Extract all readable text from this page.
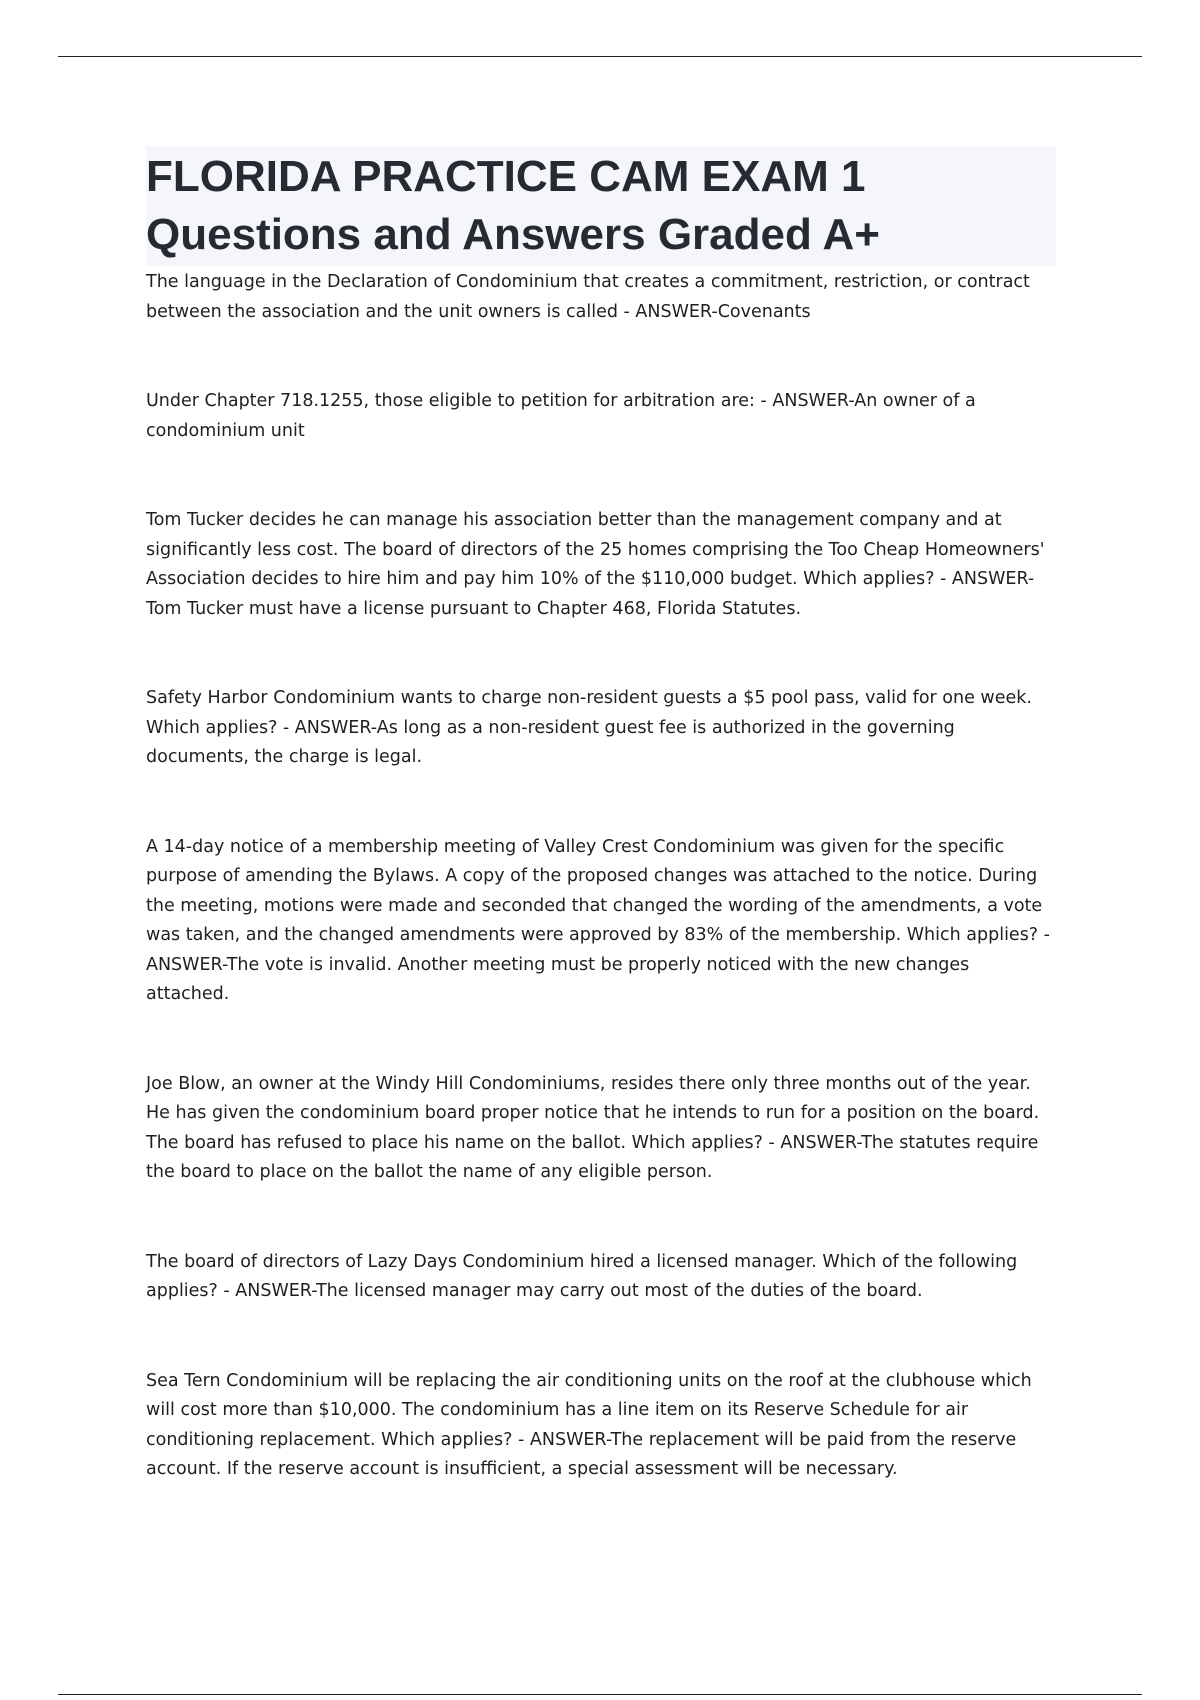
FLORIDA PRACTICE CAM EXAM 1 Questions and Answers Graded A+

The language in the Declaration of Condominium that creates a commitment, restriction, or contract between the association and the unit owners is called - ANSWER-Covenants

Under Chapter 718.1255, those eligible to petition for arbitration are: - ANSWER-An owner of a condominium unit

Tom Tucker decides he can manage his association better than the management company and at significantly less cost. The board of directors of the 25 homes comprising the Too Cheap Homeowners' Association decides to hire him and pay him 10% of the $110,000 budget. Which applies? - ANSWER-Tom Tucker must have a license pursuant to Chapter 468, Florida Statutes.

Safety Harbor Condominium wants to charge non-resident guests a $5 pool pass, valid for one week. Which applies? - ANSWER-As long as a non-resident guest fee is authorized in the governing documents, the charge is legal.

A 14-day notice of a membership meeting of Valley Crest Condominium was given for the specific purpose of amending the Bylaws. A copy of the proposed changes was attached to the notice. During the meeting, motions were made and seconded that changed the wording of the amendments, a vote was taken, and the changed amendments were approved by 83% of the membership. Which applies? - ANSWER-The vote is invalid. Another meeting must be properly noticed with the new changes attached.

Joe Blow, an owner at the Windy Hill Condominiums, resides there only three months out of the year. He has given the condominium board proper notice that he intends to run for a position on the board. The board has refused to place his name on the ballot. Which applies? - ANSWER-The statutes require the board to place on the ballot the name of any eligible person.

The board of directors of Lazy Days Condominium hired a licensed manager. Which of the following applies? - ANSWER-The licensed manager may carry out most of the duties of the board.

Sea Tern Condominium will be replacing the air conditioning units on the roof at the clubhouse which will cost more than $10,000. The condominium has a line item on its Reserve Schedule for air conditioning replacement. Which applies? - ANSWER-The replacement will be paid from the reserve account. If the reserve account is insufficient, a special assessment will be necessary.
